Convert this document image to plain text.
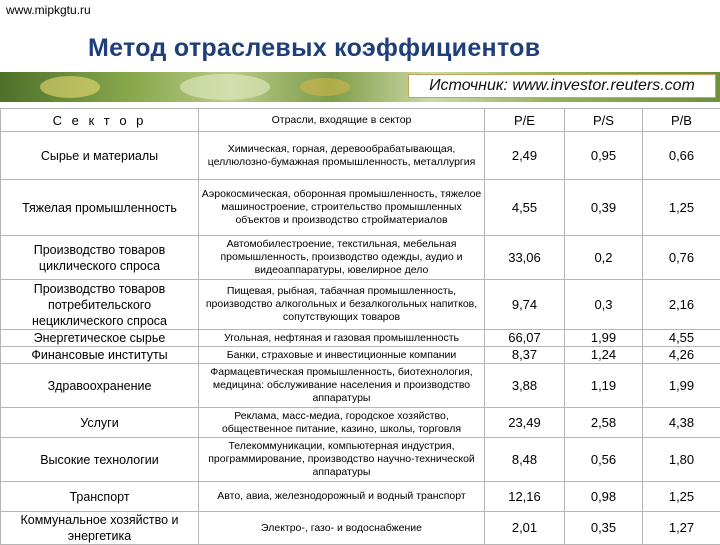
www.mipkgtu.ru
Метод отраслевых коэффициентов
Источник: www.investor.reuters.com
С е к т о р	Отрасли, входящие в сектор	P/E	P/S	P/B
Сырье и материалы	Химическая, горная, деревообрабатывающая, целлюлозно-бумажная промышленность, металлургия	2,49	0,95	0,66
Тяжелая промышленность	Аэрокосмическая, оборонная промышленность, тяжелое машиностроение, строительство промышленных объектов и производство стройматериалов	4,55	0,39	1,25
Производство товаров циклического спроса	Автомобилестроение, текстильная, мебельная промышленность, производство одежды, аудио и видеоаппаратуры, ювелирное дело	33,06	0,2	0,76
Производство товаров потребительского нециклического спроса	Пищевая, рыбная, табачная промышленность, производство алкогольных и безалкогольных напитков, сопутствующих товаров	9,74	0,3	2,16
Энергетическое сырье	Угольная, нефтяная и газовая промышленность	66,07	1,99	4,55
Финансовые институты	Банки, страховые и инвестиционные компании	8,37	1,24	4,26
Здравоохранение	Фармацевтическая промышленность, биотехнология, медицина: обслуживание населения и производство аппаратуры	3,88	1,19	1,99
Услуги	Реклама, масс-медиа, городское хозяйство, общественное питание, казино, школы, торговля	23,49	2,58	4,38
Высокие технологии	Телекоммуникации, компьютерная индустрия, программирование, производство научно-технической аппаратуры	8,48	0,56	1,80
Транспорт	Авто, авиа, железнодорожный и водный транспорт	12,16	0,98	1,25
Коммунальное хозяйство и энергетика	Электро-, газо- и водоснабжение	2,01	0,35	1,27
